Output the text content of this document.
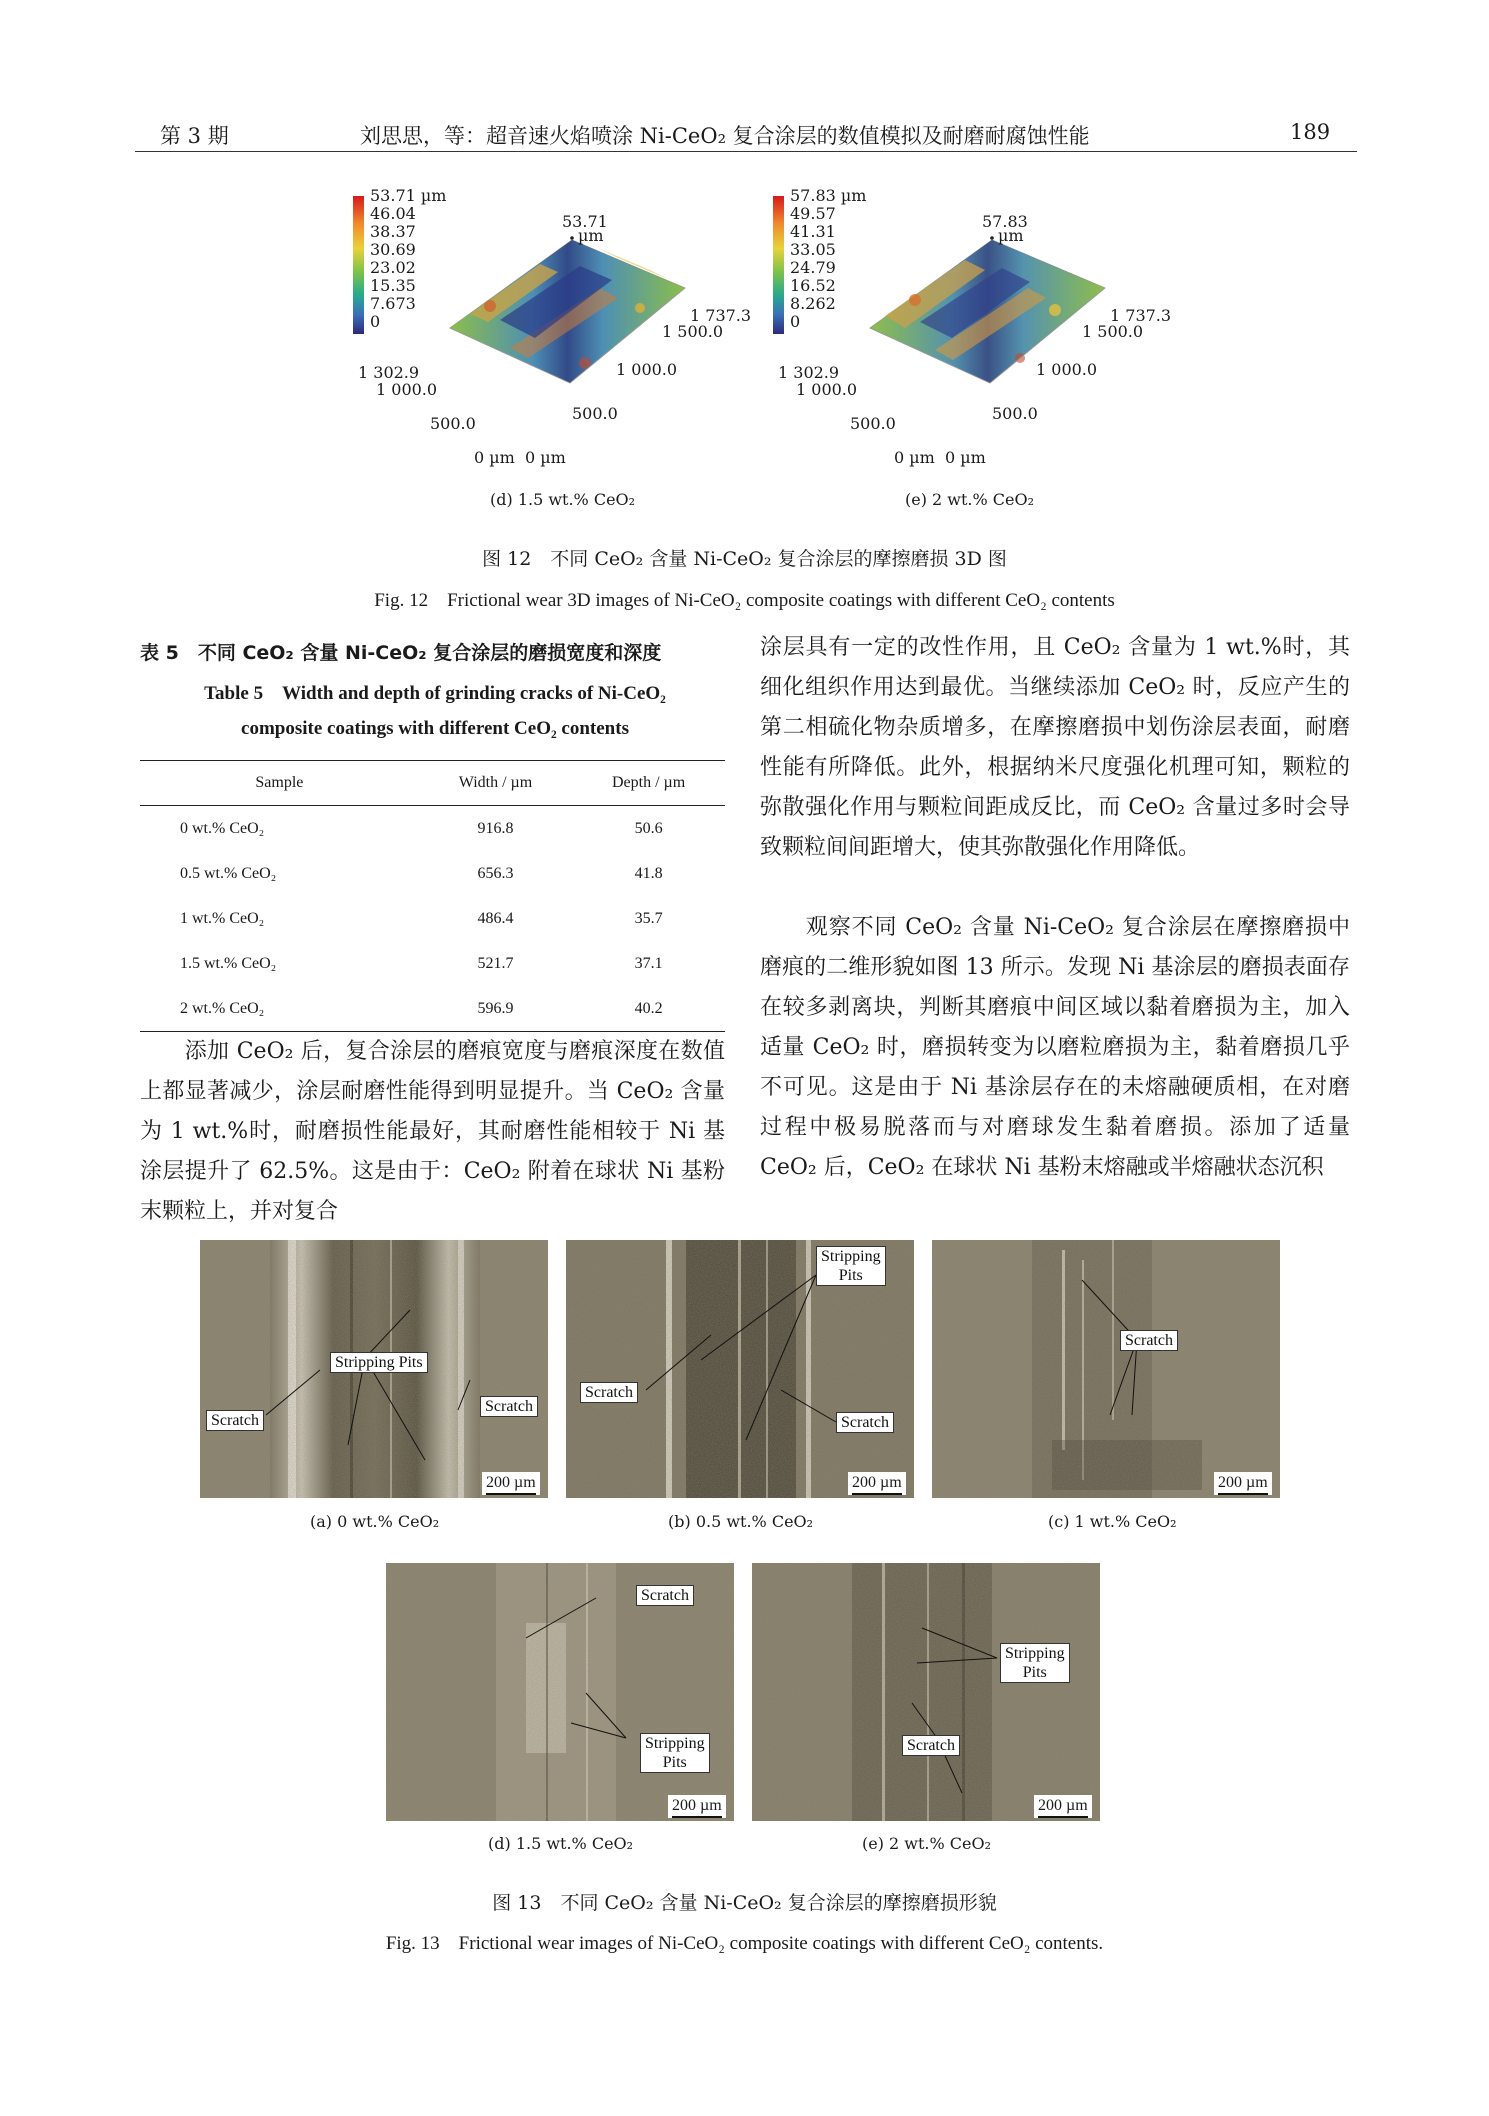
第 3 期	刘思思，等：超音速火焰喷涂 Ni-CeO₂ 复合涂层的数值模拟及耐磨耐腐蚀性能	189
53.71 µm
46.04
38.37
30.69
23.02
15.35
7.673
0
53.71
µm
1 737.3
1 500.0
1 000.0
500.0
0 µm
1 302.9
1 000.0
500.0
0 µm
(d) 1.5 wt.% CeO₂
57.83 µm
49.57
41.31
33.05
24.79
16.52
8.262
0
57.83
µm
1 737.3
1 500.0
1 000.0
500.0
0 µm
1 302.9
1 000.0
500.0
0 µm
(e) 2 wt.% CeO₂
图 12　不同 CeO₂ 含量 Ni-CeO₂ 复合涂层的摩擦磨损 3D 图
Fig. 12　Frictional wear 3D images of Ni-CeO₂ composite coatings with different CeO₂ contents
表 5　不同 CeO₂ 含量 Ni-CeO₂ 复合涂层的磨损宽度和深度
Table 5　Width and depth of grinding cracks of Ni-CeO₂
composite coatings with different CeO₂ contents
Sample	Width / µm	Depth / µm
0 wt.% CeO₂	916.8	50.6
0.5 wt.% CeO₂	656.3	41.8
1 wt.% CeO₂	486.4	35.7
1.5 wt.% CeO₂	521.7	37.1
2 wt.% CeO₂	596.9	40.2
　　添加 CeO₂ 后，复合涂层的磨痕宽度与磨痕深度在数值上都显著减少，涂层耐磨性能得到明显提升。当 CeO₂ 含量为 1 wt.%时，耐磨损性能最好，其耐磨性能相较于 Ni 基涂层提升了 62.5%。这是由于：CeO₂ 附着在球状 Ni 基粉末颗粒上，并对复合
涂层具有一定的改性作用，且 CeO₂ 含量为 1 wt.%时，其细化组织作用达到最优。当继续添加 CeO₂ 时，反应产生的第二相硫化物杂质增多，在摩擦磨损中划伤涂层表面，耐磨性能有所降低。此外，根据纳米尺度强化机理可知，颗粒的弥散强化作用与颗粒间距成反比，而 CeO₂ 含量过多时会导致颗粒间间距增大，使其弥散强化作用降低。
　　观察不同 CeO₂ 含量 Ni-CeO₂ 复合涂层在摩擦磨损中磨痕的二维形貌如图 13 所示。发现 Ni 基涂层的磨损表面存在较多剥离块，判断其磨痕中间区域以黏着磨损为主，加入适量 CeO₂ 时，磨损转变为以磨粒磨损为主，黏着磨损几乎不可见。这是由于 Ni 基涂层存在的未熔融硬质相，在对磨过程中极易脱落而与对磨球发生黏着磨损。添加了适量 CeO₂ 后，CeO₂ 在球状 Ni 基粉末熔融或半熔融状态沉积
Stripping Pits
Scratch
Scratch
200 µm
(a) 0 wt.% CeO₂
Stripping
Pits
Scratch
Scratch
200 µm
(b) 0.5 wt.% CeO₂
Scratch
200 µm
(c) 1 wt.% CeO₂
Scratch
Stripping
Pits
200 µm
(d) 1.5 wt.% CeO₂
Stripping
Pits
Scratch
200 µm
(e) 2 wt.% CeO₂
图 13　不同 CeO₂ 含量 Ni-CeO₂ 复合涂层的摩擦磨损形貌
Fig. 13　Frictional wear images of Ni-CeO₂ composite coatings with different CeO₂ contents.
